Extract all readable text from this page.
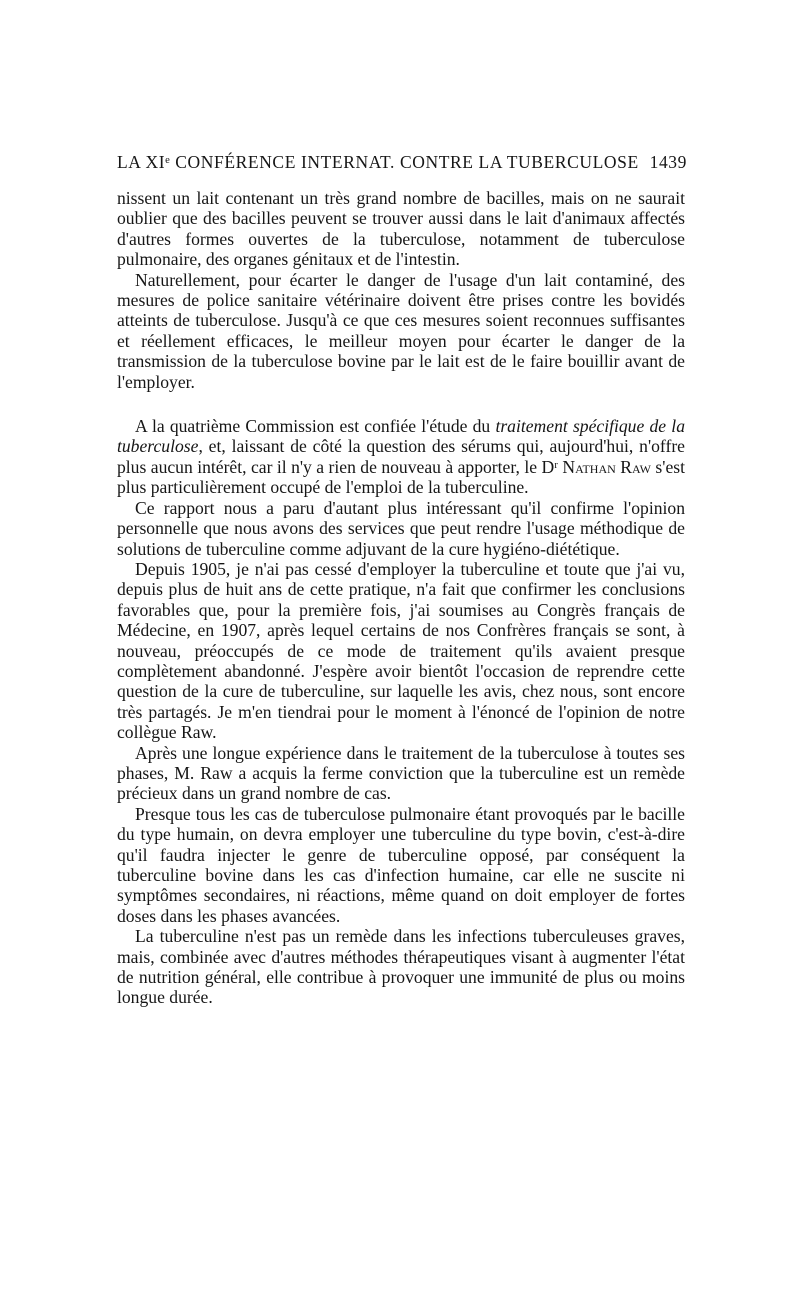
LA XIᵉ CONFÉRENCE INTERNAT. CONTRE LA TUBERCULOSE 1439

nissent un lait contenant un très grand nombre de bacilles, mais on ne saurait oublier que des bacilles peuvent se trouver aussi dans le lait d'animaux affectés d'autres formes ouvertes de la tuberculose, notamment de tuberculose pulmonaire, des organes génitaux et de l'intestin.

Naturellement, pour écarter le danger de l'usage d'un lait contaminé, des mesures de police sanitaire vétérinaire doivent être prises contre les bovidés atteints de tuberculose. Jusqu'à ce que ces mesures soient reconnues suffisantes et réellement efficaces, le meilleur moyen pour écarter le danger de la transmission de la tuberculose bovine par le lait est de le faire bouillir avant de l'employer.

A la quatrième Commission est confiée l'étude du traitement spécifique de la tuberculose, et, laissant de côté la question des sérums qui, aujourd'hui, n'offre plus aucun intérêt, car il n'y a rien de nouveau à apporter, le Dʳ Nathan Raw s'est plus particulièrement occupé de l'emploi de la tuberculine.

Ce rapport nous a paru d'autant plus intéressant qu'il confirme l'opinion personnelle que nous avons des services que peut rendre l'usage méthodique de solutions de tuberculine comme adjuvant de la cure hygiéno-diététique.

Depuis 1905, je n'ai pas cessé d'employer la tuberculine et toute que j'ai vu, depuis plus de huit ans de cette pratique, n'a fait que confirmer les conclusions favorables que, pour la première fois, j'ai soumises au Congrès français de Médecine, en 1907, après lequel certains de nos Confrères français se sont, à nouveau, préoccupés de ce mode de traitement qu'ils avaient presque complètement abandonné. J'espère avoir bientôt l'occasion de reprendre cette question de la cure de tuberculine, sur laquelle les avis, chez nous, sont encore très partagés. Je m'en tiendrai pour le moment à l'énoncé de l'opinion de notre collègue Raw.

Après une longue expérience dans le traitement de la tuberculose à toutes ses phases, M. Raw a acquis la ferme conviction que la tuberculine est un remède précieux dans un grand nombre de cas.

Presque tous les cas de tuberculose pulmonaire étant provoqués par le bacille du type humain, on devra employer une tuberculine du type bovin, c'est-à-dire qu'il faudra injecter le genre de tuberculine opposé, par conséquent la tuberculine bovine dans les cas d'infection humaine, car elle ne suscite ni symptômes secondaires, ni réactions, même quand on doit employer de fortes doses dans les phases avancées.

La tuberculine n'est pas un remède dans les infections tuberculeuses graves, mais, combinée avec d'autres méthodes thérapeutiques visant à augmenter l'état de nutrition général, elle contribue à provoquer une immunité de plus ou moins longue durée.
